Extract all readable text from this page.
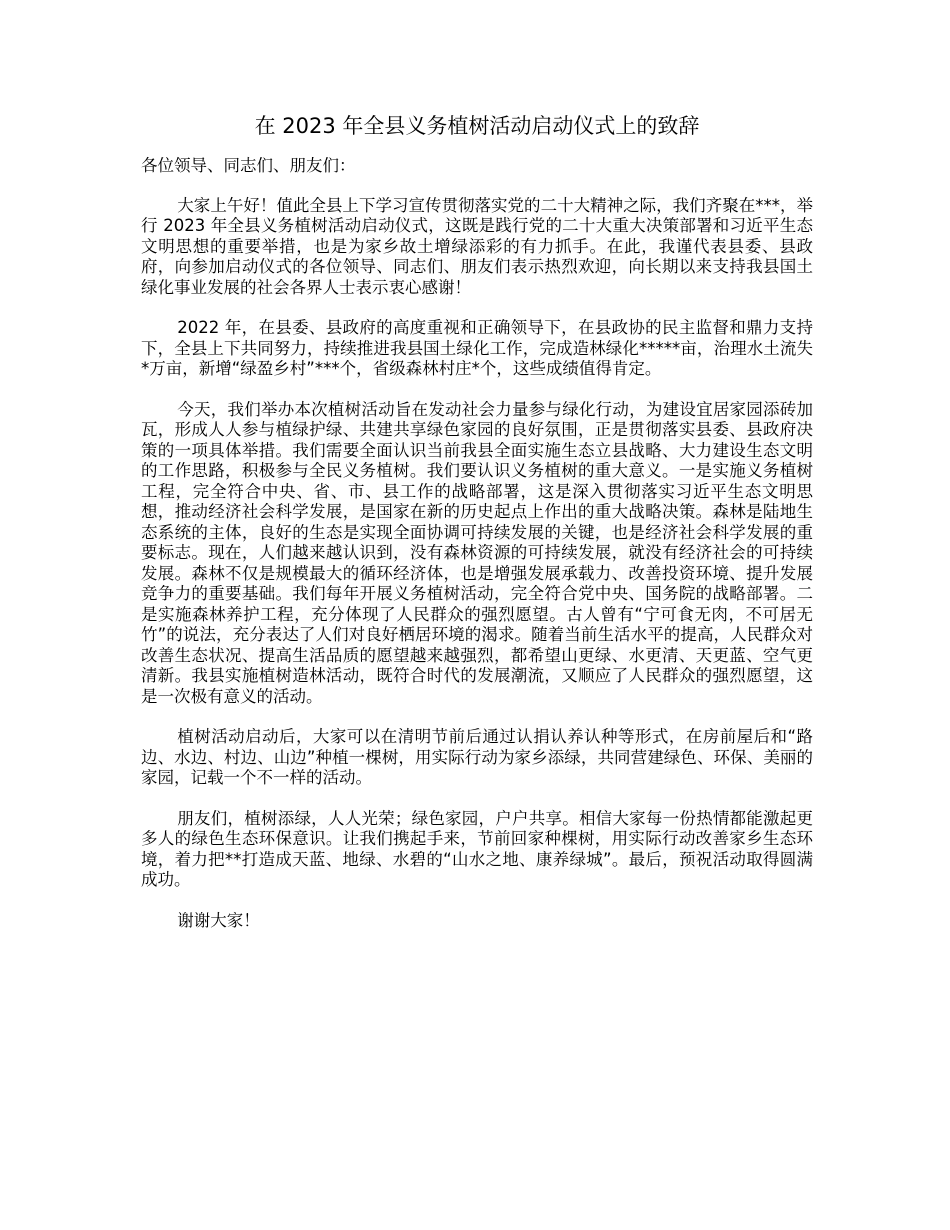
在 2023 年全县义务植树活动启动仪式上的致辞

各位领导、同志们、朋友们：

大家上午好！值此全县上下学习宣传贯彻落实党的二十大精神之际，我们齐聚在***，举行 2023 年全县义务植树活动启动仪式，这既是践行党的二十大重大决策部署和习近平生态文明思想的重要举措，也是为家乡故土增绿添彩的有力抓手。在此，我谨代表县委、县政府，向参加启动仪式的各位领导、同志们、朋友们表示热烈欢迎，向长期以来支持我县国土绿化事业发展的社会各界人士表示衷心感谢！

2022 年，在县委、县政府的高度重视和正确领导下，在县政协的民主监督和鼎力支持下，全县上下共同努力，持续推进我县国土绿化工作，完成造林绿化*****亩，治理水土流失*万亩，新增“绿盈乡村”***个，省级森林村庄*个，这些成绩值得肯定。

今天，我们举办本次植树活动旨在发动社会力量参与绿化行动，为建设宜居家园添砖加瓦，形成人人参与植绿护绿、共建共享绿色家园的良好氛围，正是贯彻落实县委、县政府决策的一项具体举措。我们需要全面认识当前我县全面实施生态立县战略、大力建设生态文明的工作思路，积极参与全民义务植树。我们要认识义务植树的重大意义。一是实施义务植树工程，完全符合中央、省、市、县工作的战略部署，这是深入贯彻落实习近平生态文明思想，推动经济社会科学发展，是国家在新的历史起点上作出的重大战略决策。森林是陆地生态系统的主体，良好的生态是实现全面协调可持续发展的关键，也是经济社会科学发展的重要标志。现在，人们越来越认识到，没有森林资源的可持续发展，就没有经济社会的可持续发展。森林不仅是规模最大的循环经济体，也是增强发展承载力、改善投资环境、提升发展竞争力的重要基础。我们每年开展义务植树活动，完全符合党中央、国务院的战略部署。二是实施森林养护工程，充分体现了人民群众的强烈愿望。古人曾有“宁可食无肉，不可居无竹”的说法，充分表达了人们对良好栖居环境的渴求。随着当前生活水平的提高，人民群众对改善生态状况、提高生活品质的愿望越来越强烈，都希望山更绿、水更清、天更蓝、空气更清新。我县实施植树造林活动，既符合时代的发展潮流，又顺应了人民群众的强烈愿望，这是一次极有意义的活动。

植树活动启动后，大家可以在清明节前后通过认捐认养认种等形式，在房前屋后和“路边、水边、村边、山边”种植一棵树，用实际行动为家乡添绿，共同营建绿色、环保、美丽的家园，记载一个不一样的活动。

朋友们，植树添绿，人人光荣；绿色家园，户户共享。相信大家每一份热情都能激起更多人的绿色生态环保意识。让我们携起手来，节前回家种棵树，用实际行动改善家乡生态环境，着力把**打造成天蓝、地绿、水碧的“山水之地、康养绿城”。最后，预祝活动取得圆满成功。

谢谢大家！
